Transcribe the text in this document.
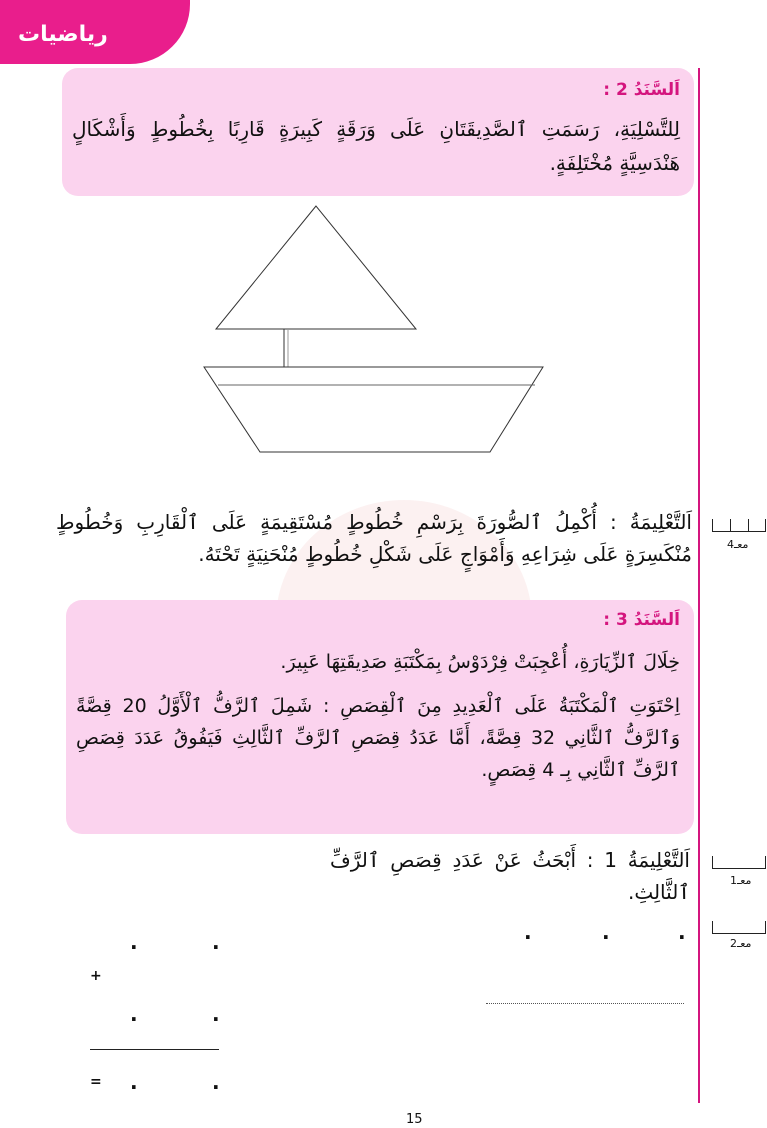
رياضيات
اَلسَّنَدُ 2 :
لِلتَّسْلِيَةِ، رَسَمَتِ ٱلصَّدِيقَتَانِ عَلَى وَرَقَةٍ كَبِيرَةٍ قَارِبًا بِخُطُوطٍ وَأَشْكَالٍ هَنْدَسِيَّةٍ مُخْتَلِفَةٍ.
اَلتَّعْلِيمَةُ : أُكْمِلُ ٱلصُّورَةَ بِرَسْمِ خُطُوطٍ مُسْتَقِيمَةٍ عَلَى ٱلْقَارِبِ وَخُطُوطٍ مُنْكَسِرَةٍ عَلَى شِرَاعِهِ وَأَمْوَاجٍ عَلَى شَكْلِ خُطُوطٍ مُنْحَنِيَةٍ تَحْتَهُ.	معـ4
اَلسَّنَدُ 3 :
خِلَالَ ٱلزِّيَارَةِ، أُعْجِبَتْ فِرْدَوْسُ بِمَكْتَبَةِ صَدِيقَتِهَا عَبِيرَ.
اِحْتَوَتِ ٱلْمَكْتَبَةُ عَلَى ٱلْعَدِيدِ مِنَ ٱلْقِصَصِ : شَمِلَ ٱلرَّفُّ ٱلْأَوَّلُ 20 قِصَّةً وَٱلرَّفُّ ٱلثَّانِي 32 قِصَّةً، أَمَّا عَدَدُ قِصَصِ ٱلرَّفِّ ٱلثَّالِثِ فَيَفُوقُ عَدَدَ قِصَصِ ٱلرَّفِّ ٱلثَّانِي بِـ 4 قِصَصٍ.
اَلتَّعْلِيمَةُ 1 : أَبْحَثُ عَنْ عَدَدِ قِصَصِ ٱلرَّفِّ ٱلثَّالِثِ.	معـ1
معـ2
.	.	.
.	.
+
.	.
= .	.
15
